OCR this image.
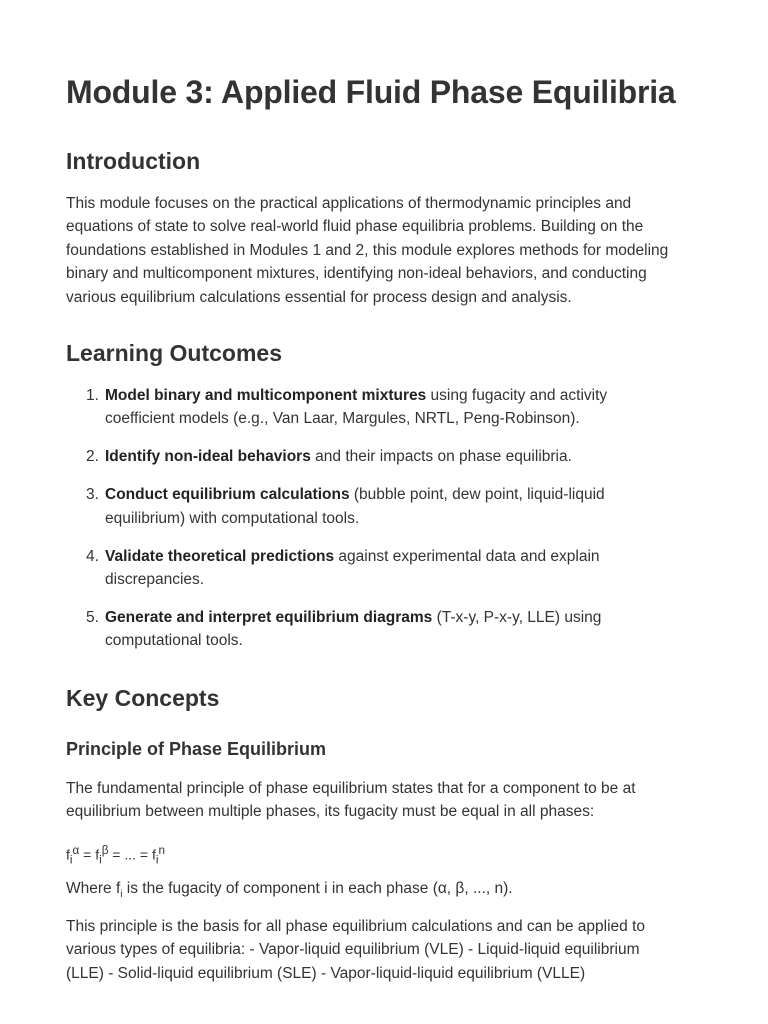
Module 3: Applied Fluid Phase Equilibria
Introduction
This module focuses on the practical applications of thermodynamic principles and
equations of state to solve real-world fluid phase equilibria problems. Building on the
foundations established in Modules 1 and 2, this module explores methods for modeling
binary and multicomponent mixtures, identifying non-ideal behaviors, and conducting
various equilibrium calculations essential for process design and analysis.
Learning Outcomes
1. Model binary and multicomponent mixtures using fugacity and activity
coefficient models (e.g., Van Laar, Margules, NRTL, Peng-Robinson).
2. Identify non-ideal behaviors and their impacts on phase equilibria.
3. Conduct equilibrium calculations (bubble point, dew point, liquid-liquid
equilibrium) with computational tools.
4. Validate theoretical predictions against experimental data and explain
discrepancies.
5. Generate and interpret equilibrium diagrams (T-x-y, P-x-y, LLE) using
computational tools.
Key Concepts
Principle of Phase Equilibrium
The fundamental principle of phase equilibrium states that for a component to be at
equilibrium between multiple phases, its fugacity must be equal in all phases:
$f_i^\alpha = f_i^\beta$ = ... = $f_i^n$
Where $f_i$ is the fugacity of component i in each phase (α, β, ..., n).
This principle is the basis for all phase equilibrium calculations and can be applied to
various types of equilibria: - Vapor-liquid equilibrium (VLE) - Liquid-liquid equilibrium
(LLE) - Solid-liquid equilibrium (SLE) - Vapor-liquid-liquid equilibrium (VLLE)
